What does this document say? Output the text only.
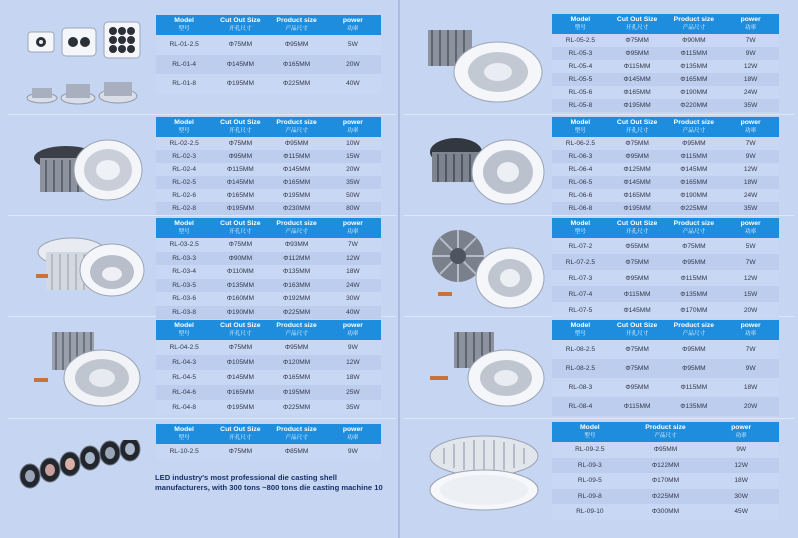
Model
型号
Cut Out Size
开孔尺寸
Product size
产品尺寸
power
功率
RL-01-2.5	Φ75MM	Φ95MM	5W
RL-01-4	Φ145MM	Φ165MM	20W
RL-01-8	Φ195MM	Φ225MM	40W
Model
型号
Cut Out Size
开孔尺寸
Product size
产品尺寸
power
功率
RL-02-2.5	Φ75MM	Φ95MM	10W
RL-02-3	Φ95MM	Φ115MM	15W
RL-02-4	Φ115MM	Φ145MM	20W
RL-02-5	Φ145MM	Φ165MM	35W
RL-02-6	Φ165MM	Φ195MM	50W
RL-02-8	Φ195MM	Φ230MM	80W
Model
型号
Cut Out Size
开孔尺寸
Product size
产品尺寸
power
功率
RL-03-2.5	Φ75MM	Φ93MM	7W
RL-03-3	Φ90MM	Φ112MM	12W
RL-03-4	Φ110MM	Φ135MM	18W
RL-03-5	Φ135MM	Φ163MM	24W
RL-03-6	Φ160MM	Φ192MM	30W
RL-03-8	Φ190MM	Φ225MM	40W
Model
型号
Cut Out Size
开孔尺寸
Product size
产品尺寸
power
功率
RL-04-2.5	Φ75MM	Φ95MM	9W
RL-04-3	Φ105MM	Φ120MM	12W
RL-04-5	Φ145MM	Φ165MM	18W
RL-04-6	Φ165MM	Φ195MM	25W
RL-04-8	Φ195MM	Φ225MM	35W
Model
型号
Cut Out Size
开孔尺寸
Product size
产品尺寸
power
功率
RL-10-2.5	Φ75MM	Φ85MM	9W
Model
型号
Cut Out Size
开孔尺寸
Product size
产品尺寸
power
功率
RL-05-2.5	Φ75MM	Φ90MM	7W
RL-05-3	Φ95MM	Φ115MM	9W
RL-05-4	Φ115MM	Φ135MM	12W
RL-05-5	Φ145MM	Φ165MM	18W
RL-05-6	Φ165MM	Φ190MM	24W
RL-05-8	Φ195MM	Φ220MM	35W
Model
型号
Cut Out Size
开孔尺寸
Product size
产品尺寸
power
功率
RL-06-2.5	Φ75MM	Φ95MM	7W
RL-06-3	Φ95MM	Φ115MM	9W
RL-06-4	Φ125MM	Φ145MM	12W
RL-06-5	Φ145MM	Φ165MM	18W
RL-06-6	Φ165MM	Φ190MM	24W
RL-06-8	Φ195MM	Φ225MM	35W
Model
型号
Cut Out Size
开孔尺寸
Product size
产品尺寸
power
功率
RL-07-2	Φ55MM	Φ75MM	5W
RL-07-2.5	Φ75MM	Φ95MM	7W
RL-07-3	Φ95MM	Φ115MM	12W
RL-07-4	Φ115MM	Φ135MM	15W
RL-07-5	Φ145MM	Φ170MM	20W
Model
型号
Cut Out Size
开孔尺寸
Product size
产品尺寸
power
功率
RL-08-2.5	Φ75MM	Φ95MM	7W
RL-08-2.5	Φ75MM	Φ95MM	9W
RL-08-3	Φ95MM	Φ115MM	18W
RL-08-4	Φ115MM	Φ135MM	20W
Model
型号
Product size
产品尺寸
power
功率
RL-09-2.5	Φ95MM	9W
RL-09-3	Φ122MM	12W
RL-09-5	Φ170MM	18W
RL-09-8	Φ225MM	30W
RL-09-10	Φ300MM	45W
LED industry's most professional die casting shell manufacturers, with 300 tons ~800 tons die casting machine 10
